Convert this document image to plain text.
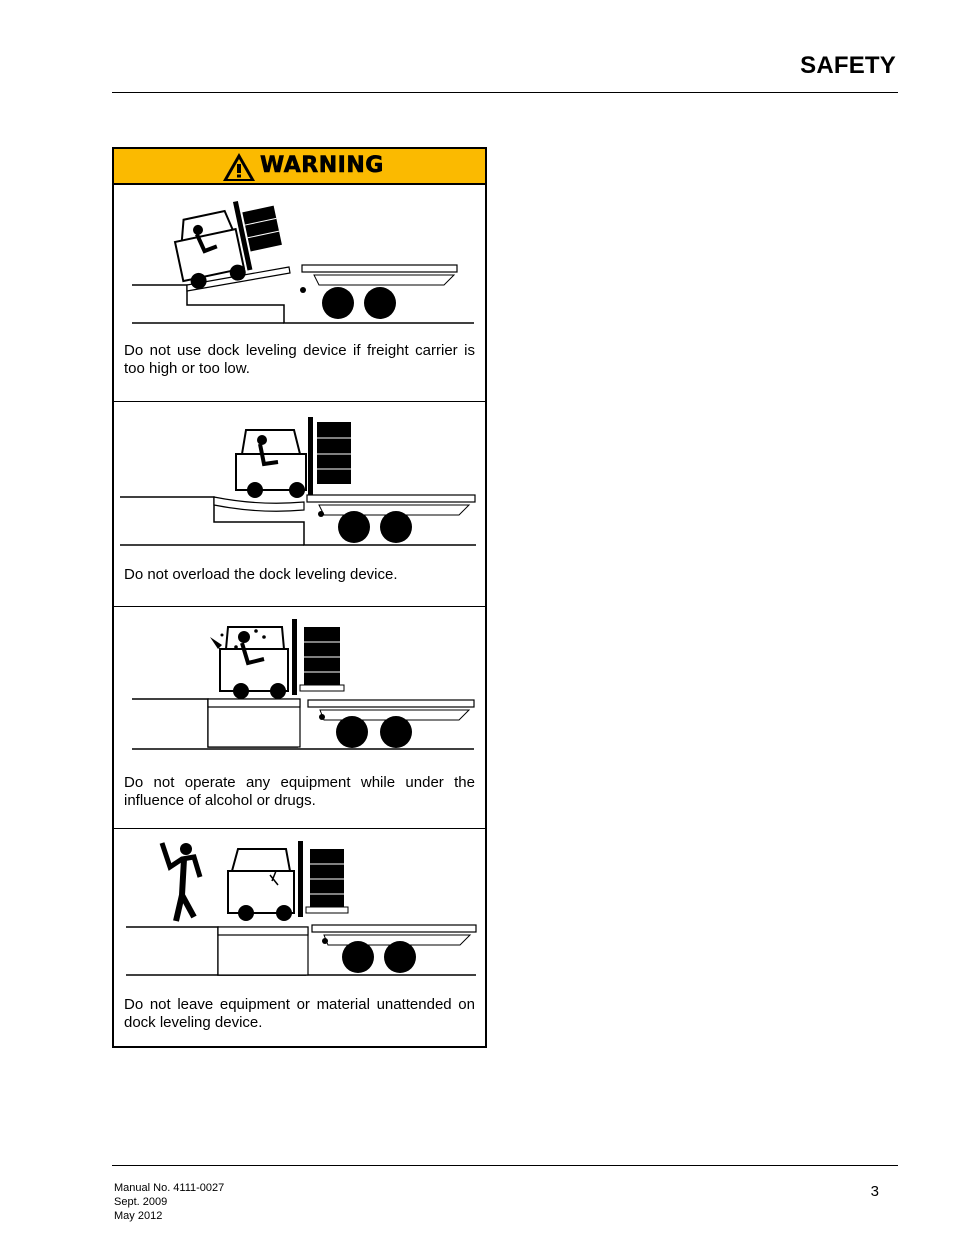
SAFETY
WARNING
Do not use dock leveling device if freight carrier is too high or too low.
Do not overload the dock leveling device.
Do not operate any equipment while under the influence of alcohol or drugs.
Do not leave equipment or material unattended on dock leveling device.
Manual No. 4111-0027
Sept. 2009
May 2012
3
